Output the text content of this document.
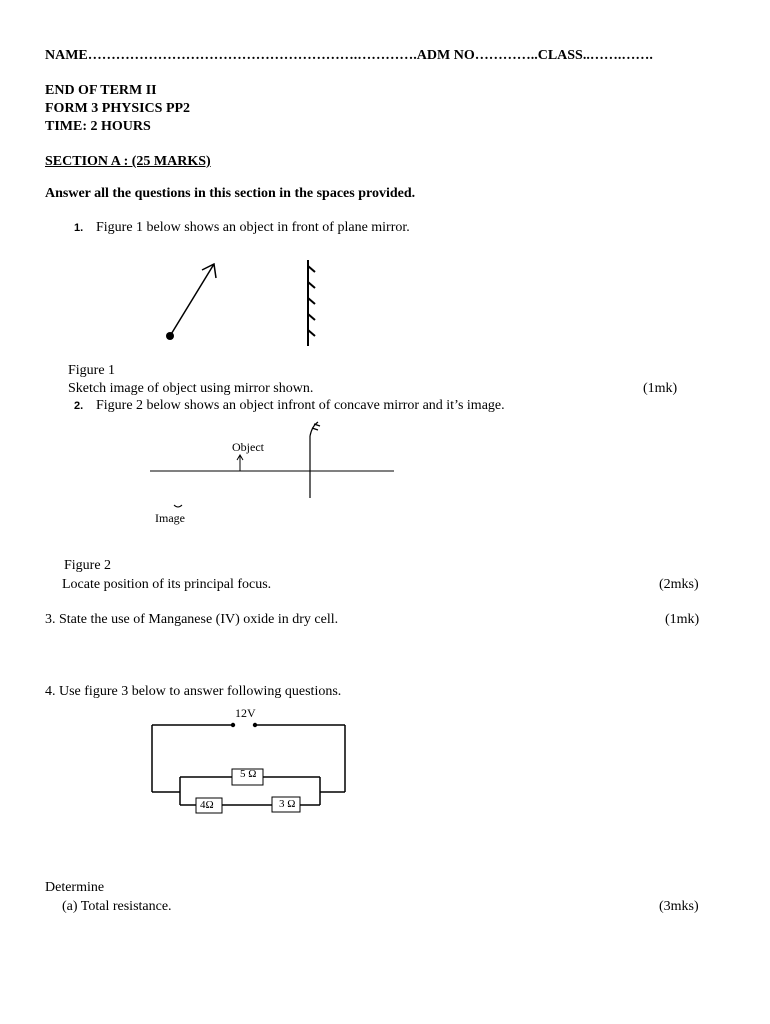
NAME………………………………………………….………….ADM NO…………..CLASS..…….…….
END OF TERM II
FORM 3 PHYSICS PP2
TIME: 2 HOURS
SECTION A : (25 MARKS)
Answer all the questions in this section in the spaces provided.
1. Figure 1 below shows an object in front of plane mirror.
Figure 1
Sketch image of object using mirror shown.	(1mk)
2. Figure 2 below shows an object infront of concave mirror and it’s image.
Object
Image
Figure 2
Locate position of its principal focus.	(2mks)
3. State the use of Manganese (IV) oxide in dry cell.	(1mk)
4. Use figure 3 below to answer following questions.
12V
5 Ω
4Ω	3 Ω
Determine
(a) Total resistance.	(3mks)
